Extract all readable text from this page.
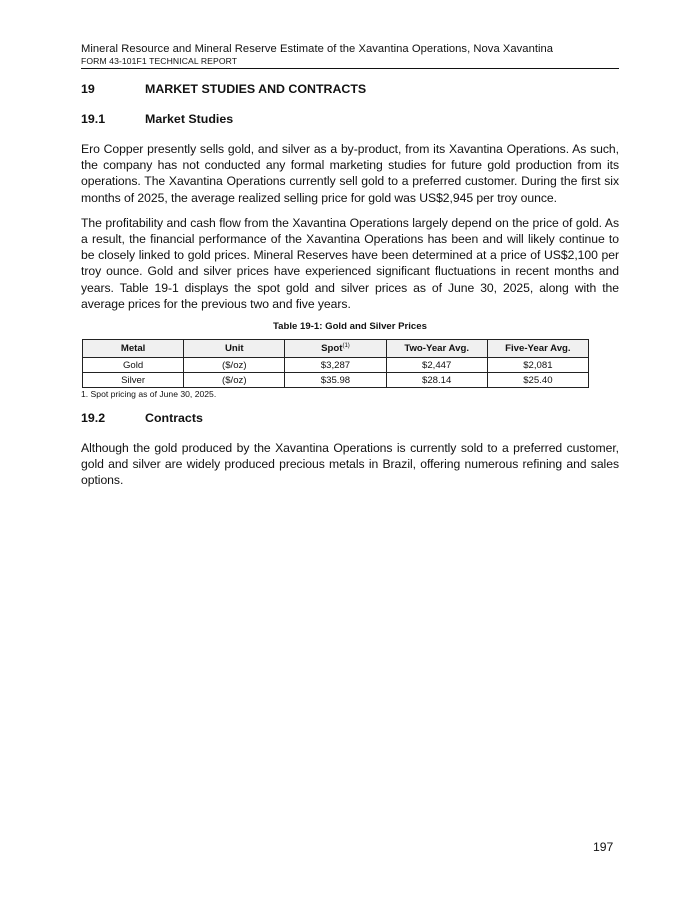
Mineral Resource and Mineral Reserve Estimate of the Xavantina Operations, Nova Xavantina
FORM 43-101F1 TECHNICAL REPORT
19	MARKET STUDIES AND CONTRACTS
19.1	Market Studies

Ero Copper presently sells gold, and silver as a by-product, from its Xavantina Operations. As such, the company has not conducted any formal marketing studies for future gold production from its operations. The Xavantina Operations currently sell gold to a preferred customer. During the first six months of 2025, the average realized selling price for gold was US$2,945 per troy ounce.

The profitability and cash flow from the Xavantina Operations largely depend on the price of gold. As a result, the financial performance of the Xavantina Operations has been and will likely continue to be closely linked to gold prices. Mineral Reserves have been determined at a price of US$2,100 per troy ounce. Gold and silver prices have experienced significant fluctuations in recent months and years. Table 19-1 displays the spot gold and silver prices as of June 30, 2025, along with the average prices for the previous two and five years.

Table 19-1: Gold and Silver Prices
Metal	Unit	Spot$^{(1)}$	Two-Year Avg.	Five-Year Avg.
Gold	($/oz)	$3,287	$2,447	$2,081
Silver	($/oz)	$35.98	$28.14	$25.40
1. Spot pricing as of June 30, 2025.
19.2	Contracts

Although the gold produced by the Xavantina Operations is currently sold to a preferred customer, gold and silver are widely produced precious metals in Brazil, offering numerous refining and sales options.

197
